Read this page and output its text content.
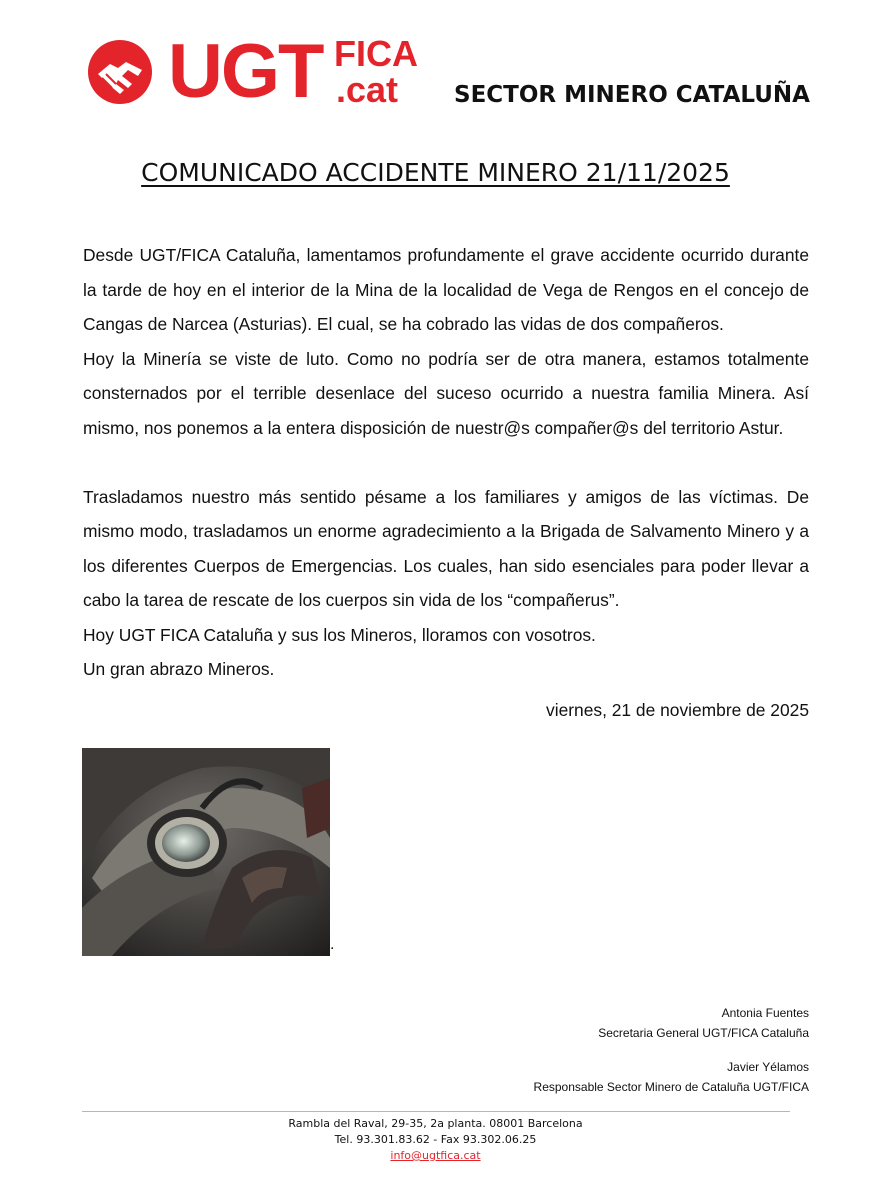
UGT FICA
.cat SECTOR MINERO CATALUÑA
COMUNICADO ACCIDENTE MINERO 21/11/2025

Desde UGT/FICA Cataluña, lamentamos profundamente el grave accidente ocurrido durante la tarde de hoy en el interior de la Mina de la localidad de Vega de Rengos en el concejo de Cangas de Narcea (Asturias). El cual, se ha cobrado las vidas de dos compañeros.

Hoy la Minería se viste de luto. Como no podría ser de otra manera, estamos totalmente consternados por el terrible desenlace del suceso ocurrido a nuestra familia Minera. Así mismo, nos ponemos a la entera disposición de nuestr@s compañer@s del territorio Astur.

Trasladamos nuestro más sentido pésame a los familiares y amigos de las víctimas. De mismo modo, trasladamos un enorme agradecimiento a la Brigada de Salvamento Minero y a los diferentes Cuerpos de Emergencias. Los cuales, han sido esenciales para poder llevar a cabo la tarea de rescate de los cuerpos sin vida de los “compañerus”.

Hoy UGT FICA Cataluña y sus los Mineros, lloramos con vosotros.

Un gran abrazo Mineros.

viernes, 21 de noviembre de 2025
.
Antonia Fuentes
Secretaria General UGT/FICA Cataluña
Javier Yélamos
Responsable Sector Minero de Cataluña UGT/FICA
Rambla del Raval, 29-35, 2a planta. 08001 Barcelona
Tel. 93.301.83.62 - Fax 93.302.06.25
info@ugtfica.cat
